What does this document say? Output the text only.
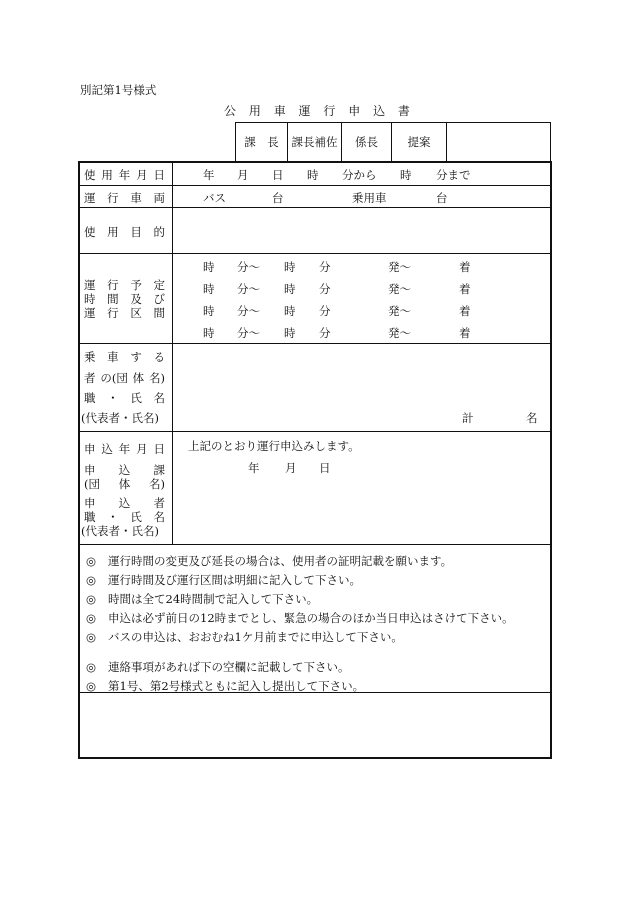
別記第1号様式
公 用 車 運 行 申 込 書
課　長	課長補佐	係長	提案
使 用 年 月 日	年 月 日 時 分から 時 分まで
運 行 車 両	バス	台	乗用車	台
使 用 目 的
運 行 予 定
時 間 及 び
運 行 区 間
時 分～ 時 分	発～	着
時 分～ 時 分	発～	着
時 分～ 時 分	発～	着
時 分～ 時 分	発～	着
乗 車 す る
者 の(団 体 名)
職 ・ 氏 名
(代表者・氏名)	計	名
申 込 年 月 日
申 込 課
(団 体 名)
申 込 者
職 ・ 氏 名
(代表者・氏名)
上記のとおり運行申込みします。
年 月 日
◎ 運行時間の変更及び延長の場合は、使用者の証明記載を願います。
◎ 運行時間及び運行区間は明細に記入して下さい。
◎ 時間は全て24時間制で記入して下さい。
◎ 申込は必ず前日の12時までとし、緊急の場合のほか当日申込はさけて下さい。
◎ バスの申込は、おおむね1ケ月前までに申込して下さい。
◎ 連絡事項があれば下の空欄に記載して下さい。
◎ 第1号、第2号様式ともに記入し提出して下さい。
